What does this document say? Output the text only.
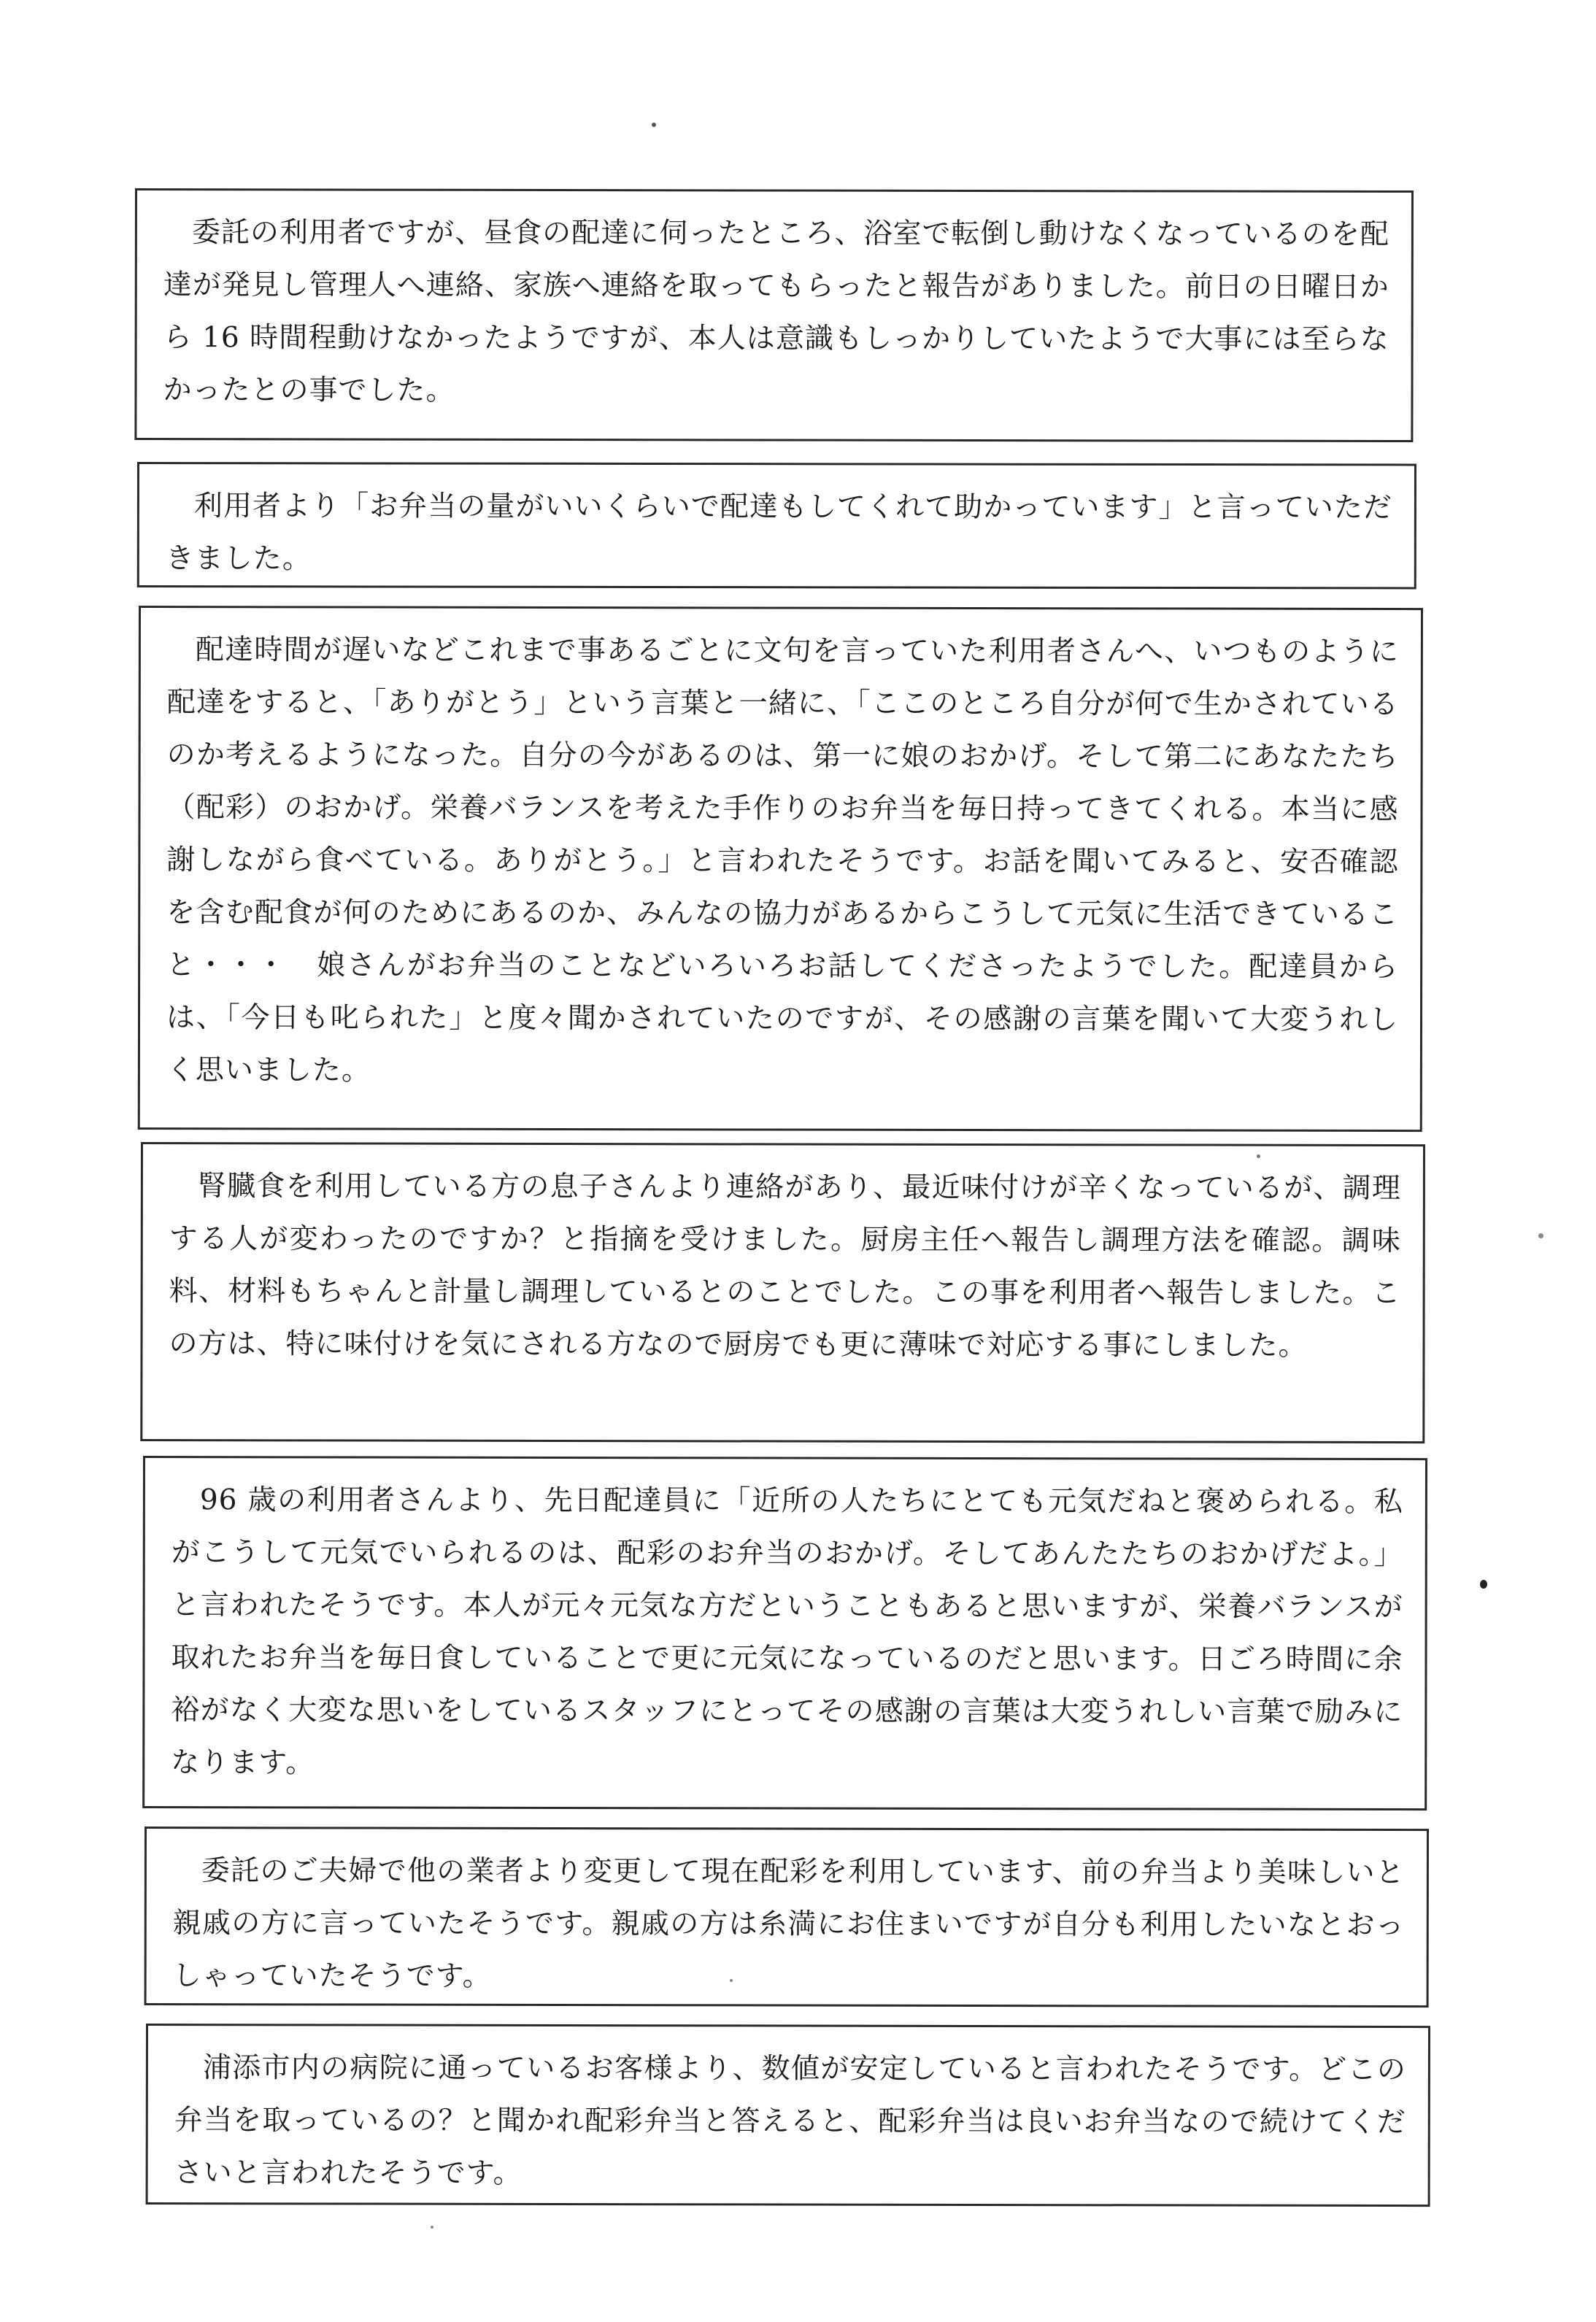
委託の利用者ですが、昼食の配達に伺ったところ、浴室で転倒し動けなくなっているのを配達が発見し管理人へ連絡、家族へ連絡を取ってもらったと報告がありました。前日の日曜日から 16 時間程動けなかったようですが、本人は意識もしっかりしていたようで大事には至らなかったとの事でした。

利用者より「お弁当の量がいいくらいで配達もしてくれて助かっています」と言っていただきました。

配達時間が遅いなどこれまで事あるごとに文句を言っていた利用者さんへ、いつものように配達をすると、「ありがとう」という言葉と一緒に、「ここのところ自分が何で生かされているのか考えるようになった。自分の今があるのは、第一に娘のおかげ。そして第二にあなたたち（配彩）のおかげ。栄養バランスを考えた手作りのお弁当を毎日持ってきてくれる。本当に感謝しながら食べている。ありがとう。」と言われたそうです。お話を聞いてみると、安否確認を含む配食が何のためにあるのか、みんなの協力があるからこうして元気に生活できていること・・・　娘さんがお弁当のことなどいろいろお話してくださったようでした。配達員からは、「今日も叱られた」と度々聞かされていたのですが、その感謝の言葉を聞いて大変うれしく思いました。

腎臓食を利用している方の息子さんより連絡があり、最近味付けが辛くなっているが、調理する人が変わったのですか？と指摘を受けました。厨房主任へ報告し調理方法を確認。調味料、材料もちゃんと計量し調理しているとのことでした。この事を利用者へ報告しました。この方は、特に味付けを気にされる方なので厨房でも更に薄味で対応する事にしました。

96 歳の利用者さんより、先日配達員に「近所の人たちにとても元気だねと褒められる。私がこうして元気でいられるのは、配彩のお弁当のおかげ。そしてあんたたちのおかげだよ。」と言われたそうです。本人が元々元気な方だということもあると思いますが、栄養バランスが取れたお弁当を毎日食していることで更に元気になっているのだと思います。日ごろ時間に余裕がなく大変な思いをしているスタッフにとってその感謝の言葉は大変うれしい言葉で励みになります。

委託のご夫婦で他の業者より変更して現在配彩を利用しています、前の弁当より美味しいと親戚の方に言っていたそうです。親戚の方は糸満にお住まいですが自分も利用したいなとおっしゃっていたそうです。

浦添市内の病院に通っているお客様より、数値が安定していると言われたそうです。どこの弁当を取っているの？と聞かれ配彩弁当と答えると、配彩弁当は良いお弁当なので続けてくださいと言われたそうです。
